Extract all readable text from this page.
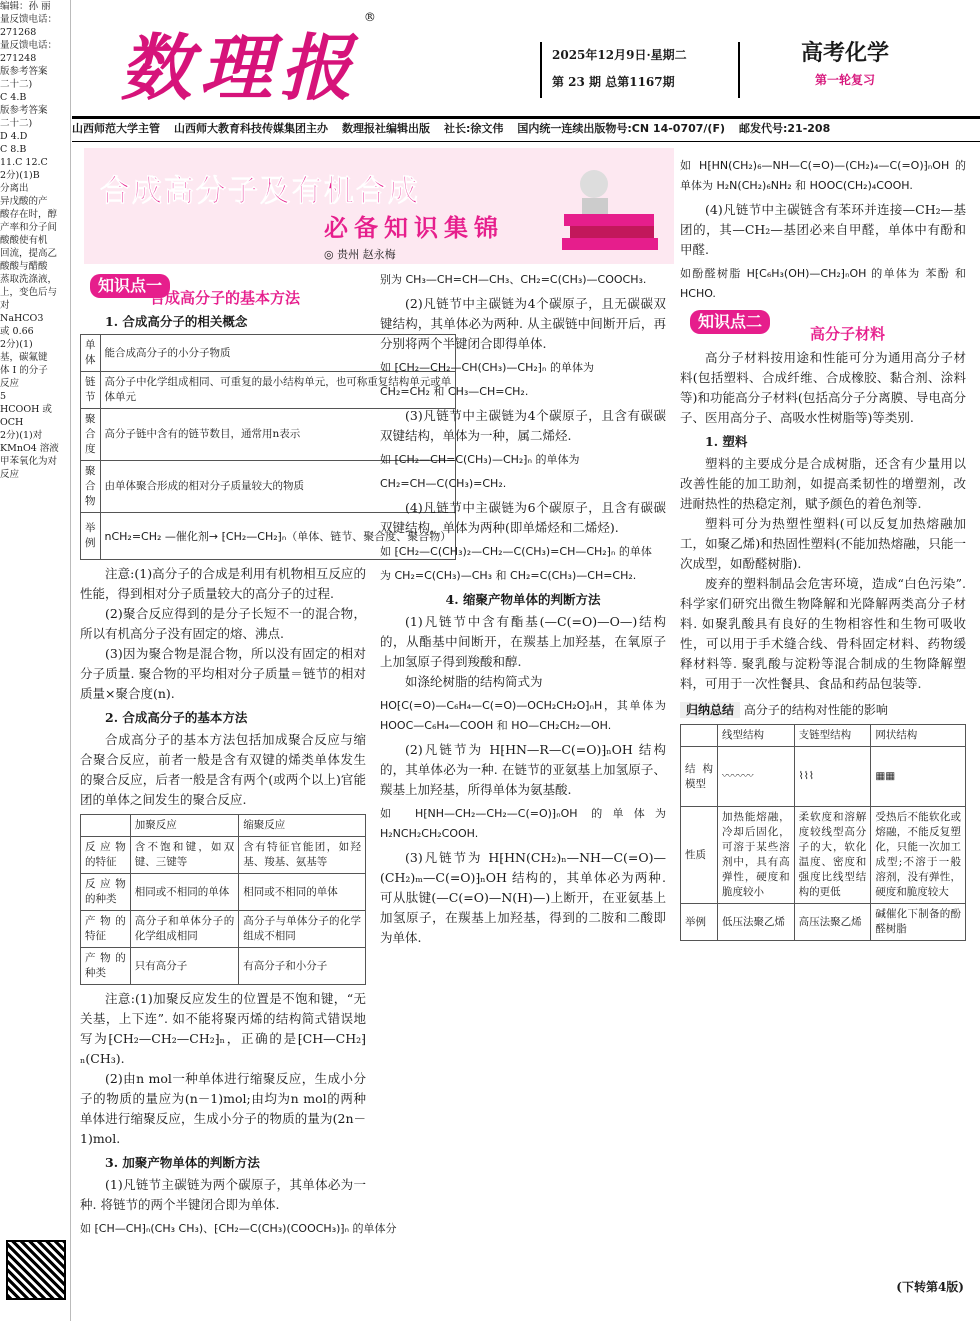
编辑：孙 丽
量反馈电话：
271268
量反馈电话：
271248
版参考答案
二十二)
C 4.B
版参考答案
二十二)
D 4.D
C 8.B
11.C 12.C
2分)(1)B
分离出
异戊酸的产
酸存在时，醇
产率和分子间
酸酸使有机
回流，提高乙
酸酸与醋酸
蒸取洗涤液，
上，变色后与
对
NaHCO3
或 0.66
2分)(1)
基，碳氟键
体 I 的分子
反应
5
HCOOH 或
OCH
2分)(1)对
KMnO4 溶液
甲苯氧化为对
反应
数理报 ®
2025年12月9日·星期二
第 23 期 总第1167期
高考化学
第一轮复习
山西师范大学主管 山西师大教育科技传媒集团主办 数理报社编辑出版 社长:徐文伟 国内统一连续出版物号:CN 14-0707/(F) 邮发代号:21-208
合成高分子及有机合成
必备知识集锦
◎ 贵州 赵永梅
知识点一
合成高分子的基本方法
1. 合成高分子的相关概念
单体	能合成高分子的小分子物质
链节	高分子中化学组成相同、可重复的最小结构单元，也可称重复结构单元或单体单元
聚合度	高分子链中含有的链节数目，通常用n表示
聚合物	由单体聚合形成的相对分子质量较大的物质
举例	nCH₂=CH₂ —催化剂→ ⁅CH₂—CH₂⁆ₙ（单体、链节、聚合度、聚合物）

注意:(1)高分子的合成是利用有机物相互反应的性能，得到相对分子质量较大的高分子的过程.

(2)聚合反应得到的是分子长短不一的混合物，所以有机高分子没有固定的熔、沸点.

(3)因为聚合物是混合物，所以没有固定的相对分子质量. 聚合物的平均相对分子质量＝链节的相对质量×聚合度(n).

2. 合成高分子的基本方法

合成高分子的基本方法包括加成聚合反应与缩合聚合反应，前者一般是含有双键的烯类单体发生的聚合反应，后者一般是含有两个(或两个以上)官能团的单体之间发生的聚合反应.

	加聚反应	缩聚反应
反应物的特征	含不饱和键，如双键、三键等	含有特征官能团，如羟基、羧基、氨基等
反应物的种类	相同或不相同的单体	相同或不相同的单体
产物的特征	高分子和单体分子的化学组成相同	高分子与单体分子的化学组成不相同
产物的种类	只有高分子	有高分子和小分子

注意:(1)加聚反应发生的位置是不饱和键，“无关基，上下连”. 如不能将聚丙烯的结构简式错误地写为⁅CH₂—CH₂—CH₂⁆ₙ，正确的是⁅CH—CH₂⁆ₙ(CH₃).

(2)由n mol一种单体进行缩聚反应，生成小分子的物质的量应为(n－1)mol;由均为n mol的两种单体进行缩聚反应，生成小分子的物质的量为(2n－1)mol.

3. 加聚产物单体的判断方法

(1)凡链节主碳链为两个碳原子，其单体必为一种. 将链节的两个半键闭合即为单体.

如 ⁅CH—CH⁆ₙ(CH₃ CH₃)、⁅CH₂—C(CH₃)(COOCH₃)⁆ₙ 的单体分
别为 CH₃—CH=CH—CH₃、CH₂=C(CH₃)—COOCH₃.

(2)凡链节中主碳链为4个碳原子，且无碳碳双键结构，其单体必为两种. 从主碳链中间断开后，再分别将两个半键闭合即得单体.

如 ⁅CH₂—CH₂—CH(CH₃)—CH₂⁆ₙ 的单体为
CH₂=CH₂ 和 CH₃—CH=CH₂.

(3)凡链节中主碳链为4个碳原子，且含有碳碳双键结构，单体为一种，属二烯烃.

如 ⁅CH₂—CH=C(CH₃)—CH₂⁆ₙ 的单体为
CH₂=CH—C(CH₃)=CH₂.

(4)凡链节中主碳链为6个碳原子，且含有碳碳双键结构，单体为两种(即单烯烃和二烯烃).

如 ⁅CH₂—C(CH₃)₂—CH₂—C(CH₃)=CH—CH₂⁆ₙ 的单体
为 CH₂=C(CH₃)—CH₃ 和 CH₂=C(CH₃)—CH=CH₂.
4. 缩聚产物单体的判断方法

(1)凡链节中含有酯基(—C(=O)—O—)结构的，从酯基中间断开，在羰基上加羟基，在氧原子上加氢原子得到羧酸和醇.

如涤纶树脂的结构简式为

HO⁅C(=O)—C₆H₄—C(=O)—OCH₂CH₂O⁆ₙH，其单体为 HOOC—C₆H₄—COOH 和 HO—CH₂CH₂—OH.

(2)凡链节为 H⁅HN—R—C(=O)⁆ₙOH 结构的，其单体必为一种. 在链节的亚氨基上加氢原子、羰基上加羟基，所得单体为氨基酸.

如 H⁅NH—CH₂—CH₂—C(=O)⁆ₙOH 的单体为 H₂NCH₂CH₂COOH.

(3)凡链节为 H⁅HN(CH₂)ₙ—NH—C(=O)—(CH₂)ₘ—C(=O)⁆ₙOH 结构的，其单体必为两种. 可从肽键(—C(=O)—N(H)—)上断开，在亚氨基上加氢原子，在羰基上加羟基，得到的二胺和二酸即为单体.

如 H⁅HN(CH₂)₆—NH—C(=O)—(CH₂)₄—C(=O)⁆ₙOH 的单体为 H₂N(CH₂)₆NH₂ 和 HOOC(CH₂)₄COOH.

(4)凡链节中主碳链含有苯环并连接—CH₂—基团的，其—CH₂—基团必来自甲醛，单体中有酚和甲醛.

如酚醛树脂 H⁅C₆H₃(OH)—CH₂⁆ₙOH 的单体为 苯酚 和 HCHO.
知识点二
高分子材料

高分子材料按用途和性能可分为通用高分子材料(包括塑料、合成纤维、合成橡胶、黏合剂、涂料等)和功能高分子材料(包括高分子分离膜、导电高分子、医用高分子、高吸水性树脂等)等类别.

1. 塑料

塑料的主要成分是合成树脂，还含有少量用以改善性能的加工助剂，如提高柔韧性的增塑剂，改进耐热性的热稳定剂，赋予颜色的着色剂等.

塑料可分为热塑性塑料(可以反复加热熔融加工，如聚乙烯)和热固性塑料(不能加热熔融，只能一次成型，如酚醛树脂).

废弃的塑料制品会危害环境，造成“白色污染”. 科学家们研究出微生物降解和光降解两类高分子材料. 如聚乳酸具有良好的生物相容性和生物可吸收性，可以用于手术缝合线、骨科固定材料、药物缓释材料等. 聚乳酸与淀粉等混合制成的生物降解塑料，可用于一次性餐具、食品和药品包装等.

归纳总结 高分子的结构对性能的影响
	线型结构	支链型结构	网状结构
结构模型	〰〰〰	⌇⌇⌇	▦▦
性质	加热能熔融，冷却后固化，可溶于某些溶剂中，具有高弹性，硬度和脆度较小	柔软度和溶解度较线型高分子的大，软化温度、密度和强度比线型结构的更低	受热后不能软化或熔融，不能反复塑化，只能一次加工成型;不溶于一般溶剂，没有弹性，硬度和脆度较大
举例	低压法聚乙烯	高压法聚乙烯	碱催化下制备的酚醛树脂
(下转第4版)
